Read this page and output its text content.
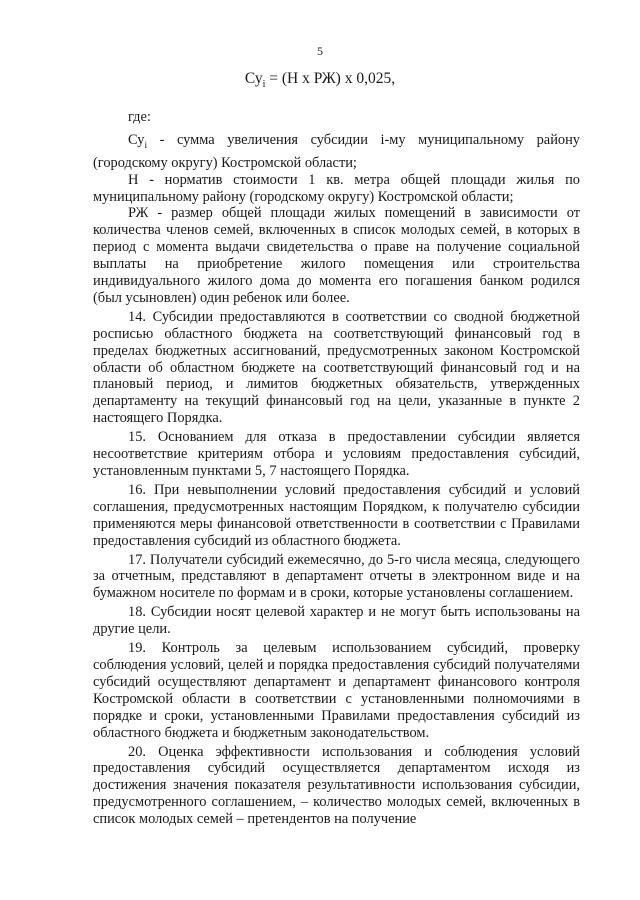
5
$Су_i = (Н$ х РЖ) х 0,025,

где:

$Су_i$ - сумма увеличения субсидии i-му муниципальному району (городскому округу) Костромской области;

Н - норматив стоимости 1 кв. метра общей площади жилья по муниципальному району (городскому округу) Костромской области;

РЖ - размер общей площади жилых помещений в зависимости от количества членов семей, включенных в список молодых семей, в которых в период с момента выдачи свидетельства о праве на получение социальной выплаты на приобретение жилого помещения или строительства индивидуального жилого дома до момента его погашения банком родился (был усыновлен) один ребенок или более.

14. Субсидии предоставляются в соответствии со сводной бюджетной росписью областного бюджета на соответствующий финансовый год в пределах бюджетных ассигнований, предусмотренных законом Костромской области об областном бюджете на соответствующий финансовый год и на плановый период, и лимитов бюджетных обязательств, утвержденных департаменту на текущий финансовый год на цели, указанные в пункте 2 настоящего Порядка.

15. Основанием для отказа в предоставлении субсидии является несоответствие критериям отбора и условиям предоставления субсидий, установленным пунктами 5, 7 настоящего Порядка.

16. При невыполнении условий предоставления субсидий и условий соглашения, предусмотренных настоящим Порядком, к получателю субсидии применяются меры финансовой ответственности в соответствии с Правилами предоставления субсидий из областного бюджета.

17. Получатели субсидий ежемесячно, до 5-го числа месяца, следующего за отчетным, представляют в департамент отчеты в электронном виде и на бумажном носителе по формам и в сроки, которые установлены соглашением.

18. Субсидии носят целевой характер и не могут быть использованы на другие цели.

19. Контроль за целевым использованием субсидий, проверку соблюдения условий, целей и порядка предоставления субсидий получателями субсидий осуществляют департамент и департамент финансового контроля Костромской области в соответствии с установленными полномочиями в порядке и сроки, установленными Правилами предоставления субсидий из областного бюджета и бюджетным законодательством.

20. Оценка эффективности использования и соблюдения условий предоставления субсидий осуществляется департаментом исходя из достижения значения показателя результативности использования субсидии, предусмотренного соглашением, – количество молодых семей, включенных в список молодых семей – претендентов на получение
